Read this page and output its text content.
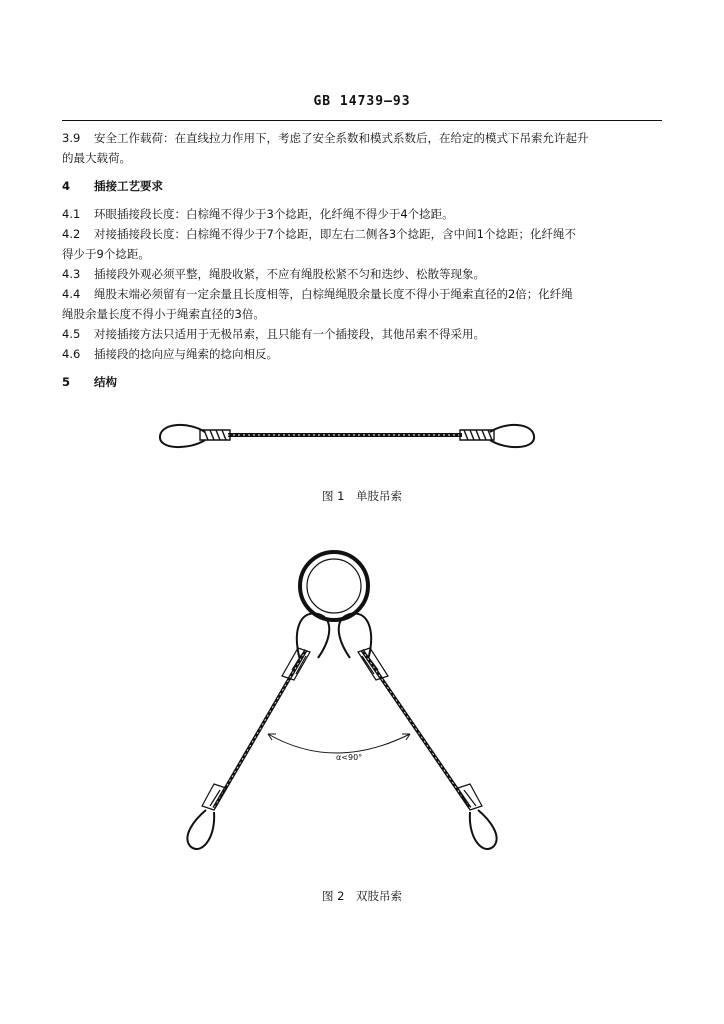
GB 14739—93
3.9 安全工作载荷：在直线拉力作用下，考虑了安全系数和模式系数后，在给定的模式下吊索允许起升
的最大载荷。
4 插接工艺要求
4.1 环眼插接段长度：白棕绳不得少于3个捻距，化纤绳不得少于4个捻距。
4.2 对接插接段长度：白棕绳不得少于7个捻距，即左右二侧各3个捻距，含中间1个捻距；化纤绳不
得少于9个捻距。
4.3 插接段外观必须平整，绳股收紧，不应有绳股松紧不匀和迭纱、松散等现象。
4.4 绳股末端必须留有一定余量且长度相等，白棕绳绳股余量长度不得小于绳索直径的2倍；化纤绳
绳股余量长度不得小于绳索直径的3倍。
4.5 对接插接方法只适用于无极吊索，且只能有一个插接段，其他吊索不得采用。
4.6 插接段的捻向应与绳索的捻向相反。
5 结构
图 1　单肢吊索
α<90°
图 2　双肢吊索
